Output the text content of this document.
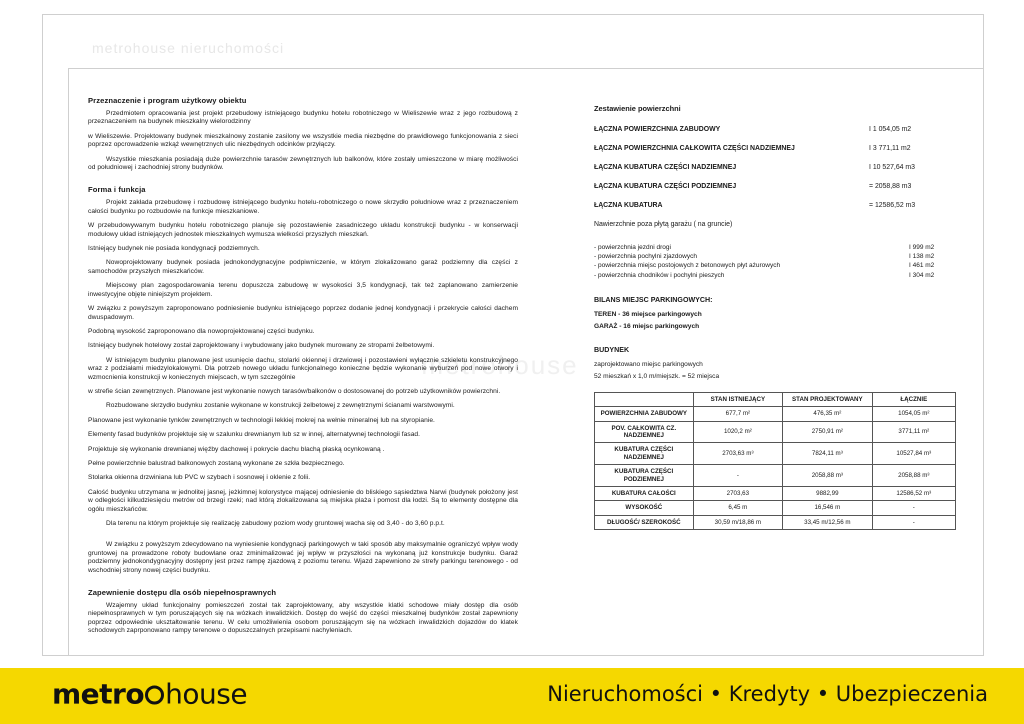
metrohouse nieruchomości
metrohouse
Przeznaczenie i program użytkowy obiektu

Przedmiotem opracowania jest projekt przebudowy istniejącego budynku hotelu robotniczego w Wieliszewie wraz z jego rozbudową z przeznaczeniem na budynek mieszkalny wielorodzinny

w Wieliszewie. Projektowany budynek mieszkalnowy zostanie zasilony we wszystkie media niezbędne do prawidłowego funkcjonowania z sieci poprzez opcrowadzenie wzkąż wewnętrznych ulic niezbędnych odcinków przyłączy.

Wszystkie mieszkania posiadają duże powierzchnie tarasów zewnętrznych lub balkonów, które zostały umieszczone w miarę możliwości od południowej i zachodniej strony budynków.

Forma i funkcja

Projekt zakłada przebudowę i rozbudowę istniejącego budynku hotelu-robotniczego o nowe skrzydło południowe wraz z przeznaczeniem całości budynku po rozbudowie na funkcje mieszkaniowe.

W przebudowywanym budynku hotelu robotniczego planuje się pozostawienie zasadniczego układu konstrukcji budynku - w konserwacji modułowy układ istniejących jednostek mieszkalnych wymusza wielkości przyszłych mieszkań.

Istniejący budynek nie posiada kondygnacji podziemnych.

Nowoprojektowany budynek posiada jednokondygnacyjne podpiwniczenie, w którym zlokalizowano garaż podziemny dla części z samochodów przyszłych mieszkańców.

Miejscowy plan zagospodarowania terenu dopuszcza zabudowę w wysokości 3,5 kondygnacji, tak też zaplanowano zamierzenie inwestycyjne objęte niniejszym projektem.

W związku z powyższym zaproponowano podniesienie budynku istniejącego poprzez dodanie jednej kondygnacji i przekrycie całości dachem dwuspadowym.

Podobną wysokość zaproponowano dla nowoprojektowanej części budynku.

Istniejący budynek hotelowy został zaprojektowany i wybudowany jako budynek murowany ze stropami żelbetowymi.

W istniejącym budynku planowane jest usunięcie dachu, stolarki okiennej i drzwiowej i pozostawieni wyłącznie szkieletu konstrukcyjnego wraz z podziałami miedzylokalowymi. Dla potrzeb nowego układu funkcjonalnego konieczne będzie wykonanie wyburzeń pod nowe otwory i wzmocnienia konstrukcji w koniecznych miejscach, w tym szczególnie

w strefie ścian zewnętrznych. Planowane jest wykonanie nowych tarasów/balkonów o dostosowanej do potrzeb użytkowników powierzchni.

Rozbudowane skrzydło budynku zostanie wykonane w konstrukcji żelbetowej z zewnętrznymi ścianami warstwowymi.

Planowane jest wykonanie tynków zewnętrznych w technologii lekkiej mokrej na wełnie mineralnej lub na styropianie.

Elementy fasad budynków projektuje się w szalunku drewnianym lub sz w innej, alternatywnej technologii fasad.

Projektuje się wykonanie drewnianej więźby dachowej i pokrycie dachu blachą płaską ocynkowaną .

Pełne powierzchnie balustrad balkonowych zostaną wykonane ze szkła bezpiecznego.

Stolarka okienna drzwiniana lub PVC w szybach i sosnowej i oklenie z folii.

Całość budynku utrzymana w jednolitej jasnej, jeżkimnej kolorystyce mającej odniesienie do bliskiego sąsiedztwa Narwi (budynek położony jest w odległości kilkudziesięciu metrów od brzegi rzeki; nad którą zlokalizowana są miejska plaża i pomost dla łodzi. Są to elementy dostępne dla ogółu mieszkańców.

Dla terenu na którym projektuje się realizację zabudowy poziom wody gruntowej wacha się od 3,40 - do 3,60 p.p.t.

W związku z powyższym zdecydowano na wyniesienie kondygnacji parkingowych w taki sposób aby maksymalnie ograniczyć wpływ wody gruntowej na prowadzone roboty budowlane oraz zminimalizować jej wpływ w przyszłości na wykonaną już konstrukcje budynku. Garaż podziemny jednokondygnacyjny dostępny jest przez rampę zjazdową z poziomu terenu. Wjazd zapewniono ze strefy parkingu terenowego - od wschodniej strony nowej części budynku.

Zapewnienie dostępu dla osób niepełnosprawnych

Wzajemny układ funkcjonalny pomieszczeń został tak zaprojektowany, aby wszystkie klatki schodowe miały dostęp dla osób niepełnosprawnych w tym poruszających się na wózkach inwalidzkich. Dostęp do wejść do części mieszkalnej budynków został zapewniony poprzez odpowiednie ukształtowanie terenu. W celu umożliwienia osobom poruszającym się na wózkach inwalidzkich dojazdów do klatek schodowych zaprponowano rampy terenowe o dopuszczalnych przepisami nachyleniach.

Zestawienie powierzchni
ŁĄCZNA POWIERZCHNIA ZABUDOWY	I 1 054,05 m2
ŁĄCZNA POWIERZCHNIA CAŁKOWITA CZĘŚCI NADZIEMNEJ	I 3 771,11 m2
ŁĄCZNA KUBATURA CZĘŚCI NADZIEMNEJ	I 10 527,64 m3
ŁĄCZNA KUBATURA CZĘŚCI PODZIEMNEJ	= 2058,88 m3
ŁĄCZNA KUBATURA	= 12586,52 m3
Nawierzchnie poza płytą garażu ( na gruncie)
- powierzchnia jezdni drogi	I 999 m2
- powierzchnia pochylni zjazdowych	I 138 m2
- powierzchnia miejsc postojowych z betonowych płyt ażurowych	I 461 m2
- powierzchnia chodników i pochylni pieszych	I 304 m2
BILANS MIEJSC PARKINGOWYCH:
TEREN - 36 miejsce parkingowych
GARAŻ - 16 miejsc parkingowych
BUDYNEK
zaprojektowano miejsc parkingowych
52 mieszkań x 1,0 m/miejszk. = 52 miejsca
	STAN ISTNIEJĄCY	STAN PROJEKTOWANY	ŁĄCZNIE
POWIERZCHNIA ZABUDOWY	677,7 m²	476,35 m²	1054,05 m²
POV. CAŁKOWITA CZ. NADZIEMNEJ	1020,2 m²	2750,91 m²	3771,11 m²
KUBATURA CZĘŚCI NADZIEMNEJ	2703,63 m³	7824,11 m³	10527,84 m³
KUBATURA CZĘŚCI PODZIEMNEJ	-	2058,88 m³	2058,88 m³
KUBATURA CAŁOŚCI	2703,63	9882,99	12586,52 m³
WYSOKOŚĆ	6,45 m	16,546 m	-
DŁUGOŚĆ/ SZEROKOŚĆ	30,59 m/18,86 m	33,45 m/12,56 m	-
metro house	Nieruchomości • Kredyty • Ubezpieczenia
